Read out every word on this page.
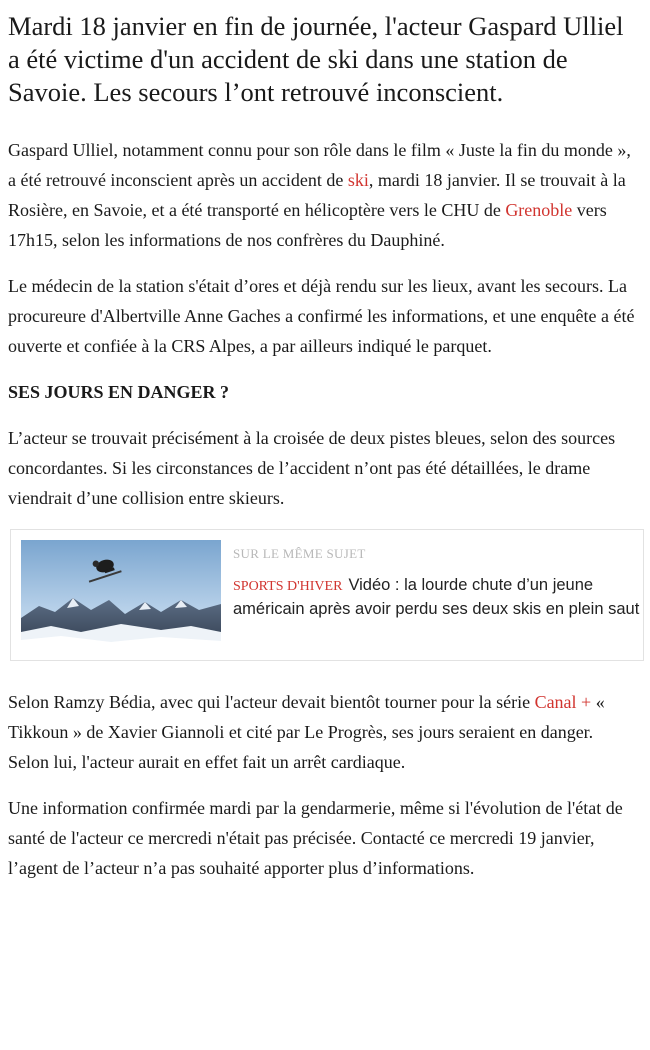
Mardi 18 janvier en fin de journée, l'acteur Gaspard Ulliel a été victime d'un accident de ski dans une station de Savoie. Les secours l’ont retrouvé inconscient.

Gaspard Ulliel, notamment connu pour son rôle dans le film « Juste la fin du monde », a été retrouvé inconscient après un accident de ski, mardi 18 janvier. Il se trouvait à la Rosière, en Savoie, et a été transporté en hélicoptère vers le CHU de Grenoble vers 17h15, selon les informations de nos confrères du Dauphiné.

Le médecin de la station s'était d’ores et déjà rendu sur les lieux, avant les secours. La procureure d'Albertville Anne Gaches a confirmé les informations, et une enquête a été ouverte et confiée à la CRS Alpes, a par ailleurs indiqué le parquet.

SES JOURS EN DANGER ?

L’acteur se trouvait précisément à la croisée de deux pistes bleues, selon des sources concordantes. Si les circonstances de l’accident n’ont pas été détaillées, le drame viendrait d’une collision entre skieurs.

SUR LE MÊME SUJET
SPORTS D'HIVER Vidéo : la lourde chute d’un jeune américain après avoir perdu ses deux skis en plein saut

Selon Ramzy Bédia, avec qui l'acteur devait bientôt tourner pour la série Canal + « Tikkoun » de Xavier Giannoli et cité par Le Progrès, ses jours seraient en danger. Selon lui, l'acteur aurait en effet fait un arrêt cardiaque.

Une information confirmée mardi par la gendarmerie, même si l'évolution de l'état de santé de l'acteur ce mercredi n'était pas précisée. Contacté ce mercredi 19 janvier, l’agent de l’acteur n’a pas souhaité apporter plus d’informations.
